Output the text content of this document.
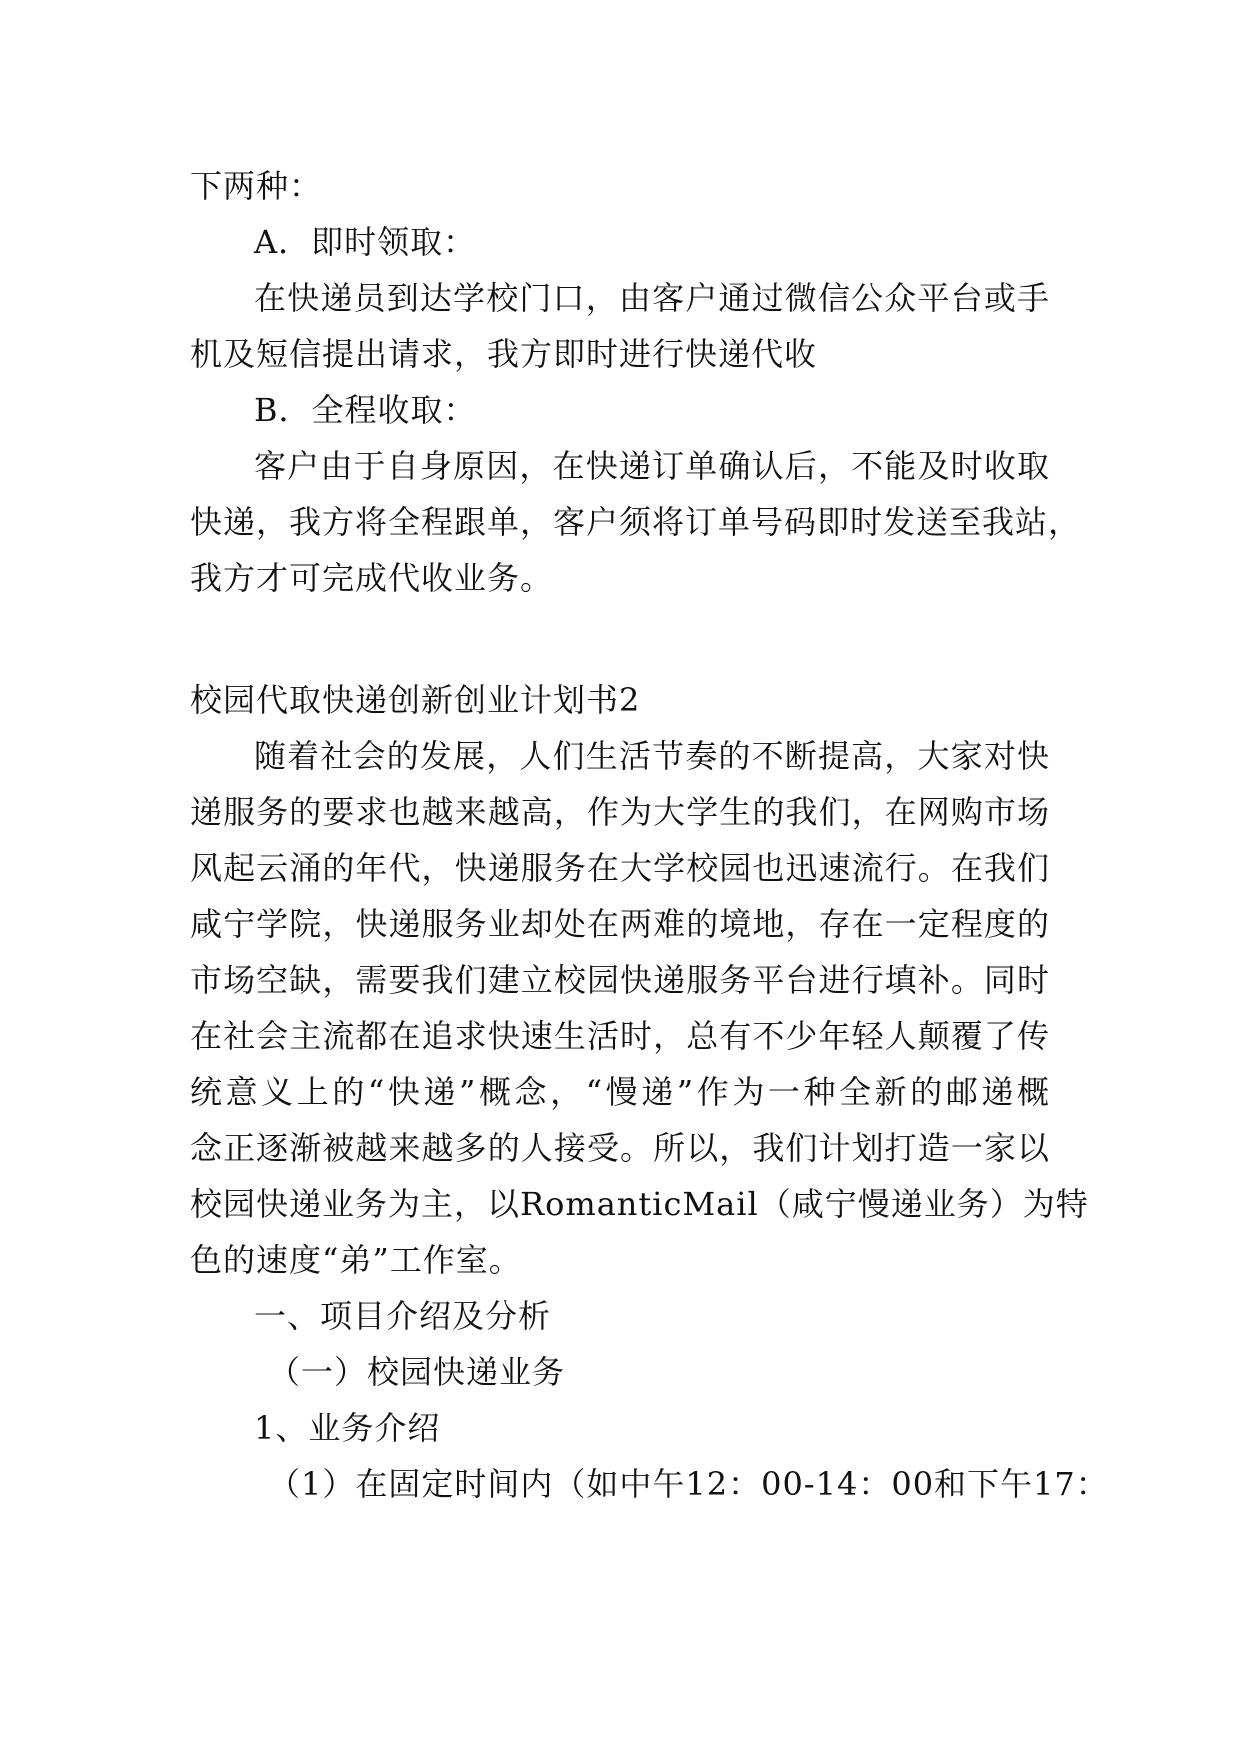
下两种：
A．即时领取：
在快递员到达学校门口，由客户通过微信公众平台或手
机及短信提出请求，我方即时进行快递代收
B．全程收取：
客户由于自身原因，在快递订单确认后，不能及时收取
快递，我方将全程跟单，客户须将订单号码即时发送至我站，
我方才可完成代收业务。
校园代取快递创新创业计划书2
随着社会的发展，人们生活节奏的不断提高，大家对快
递服务的要求也越来越高，作为大学生的我们，在网购市场
风起云涌的年代，快递服务在大学校园也迅速流行。在我们
咸宁学院，快递服务业却处在两难的境地，存在一定程度的
市场空缺，需要我们建立校园快递服务平台进行填补。同时
在社会主流都在追求快速生活时，总有不少年轻人颠覆了传
统意义上的“快递”概念，“慢递”作为一种全新的邮递概
念正逐渐被越来越多的人接受。所以，我们计划打造一家以
校园快递业务为主，以RomanticMail（咸宁慢递业务）为特
色的速度“弟”工作室。
一、项目介绍及分析
（一）校园快递业务
1、业务介绍
（1）在固定时间内（如中午12：00-14：00和下午17：
